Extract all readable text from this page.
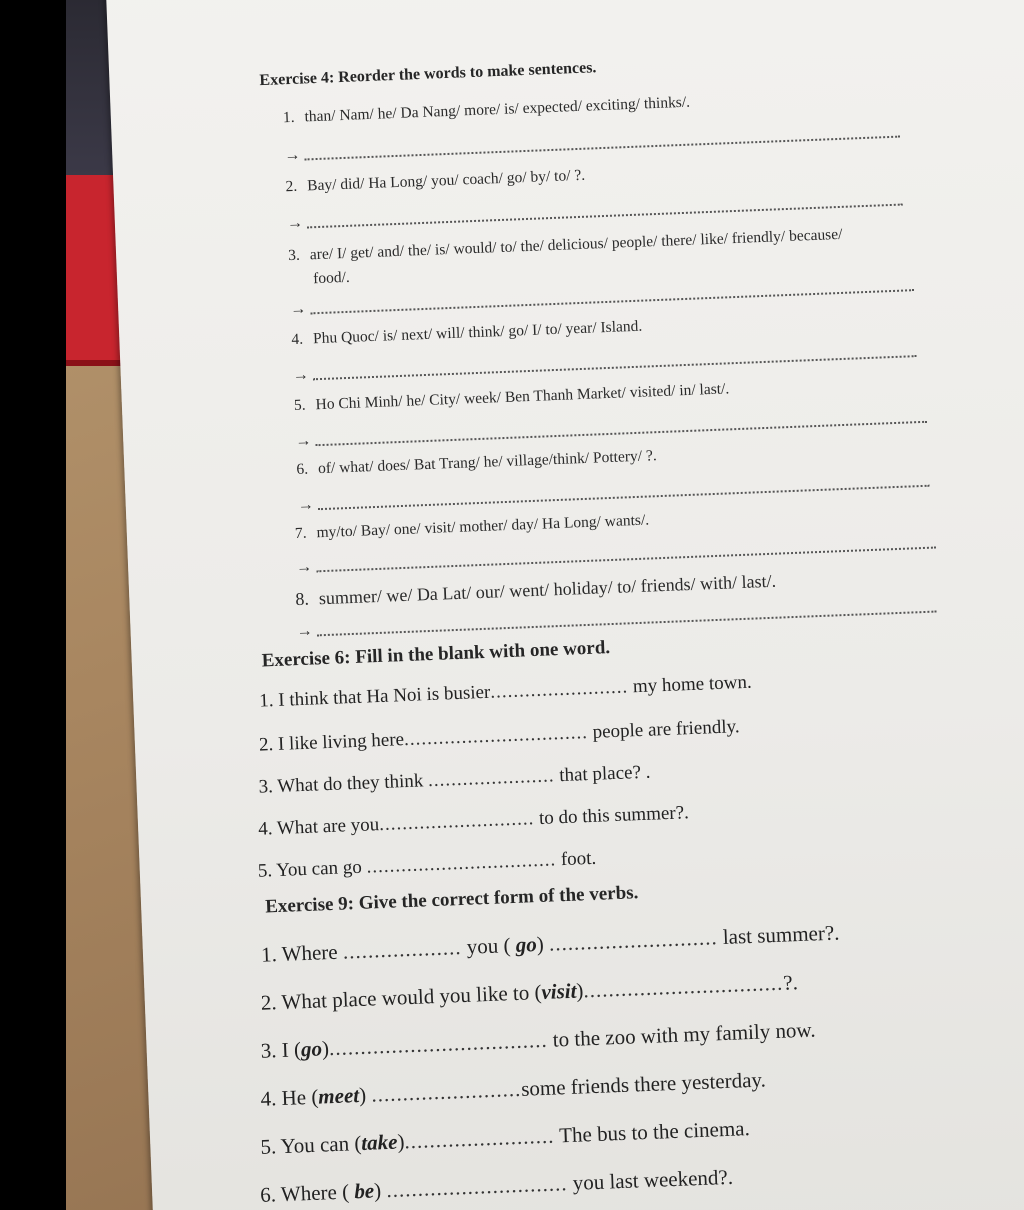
Exercise 4: Reorder the words to make sentences.
1. than/ Nam/ he/ Da Nang/ more/ is/ expected/ exciting/ thinks/.
→
2. Bay/ did/ Ha Long/ you/ coach/ go/ by/ to/ ?.
→
3. are/ I/ get/ and/ the/ is/ would/ to/ the/ delicious/ people/ there/ like/ friendly/ because/
food/.
→
4. Phu Quoc/ is/ next/ will/ think/ go/ I/ to/ year/ Island.
→
5. Ho Chi Minh/ he/ City/ week/ Ben Thanh Market/ visited/ in/ last/.
→
6. of/ what/ does/ Bat Trang/ he/ village/think/ Pottery/ ?.
→
7. my/to/ Bay/ one/ visit/ mother/ day/ Ha Long/ wants/.
→
8. summer/ we/ Da Lat/ our/ went/ holiday/ to/ friends/ with/ last/.
→
Exercise 6: Fill in the blank with one word.
1. I think that Ha Noi is busier........................ my home town.
2. I like living here................................ people are friendly.
3. What do they think ...................... that place? .
4. What are you........................... to do this summer?.
5. You can go ................................. foot.
Exercise 9: Give the correct form of the verbs.
1. Where ................... you ( go) ........................... last summer?.
2. What place would you like to (visit)................................?.
3. I (go)................................... to the zoo with my family now.
4. He (meet) ........................some friends there yesterday.
5. You can (take)........................ The bus to the cinema.
6. Where ( be) ............................. you last weekend?.
